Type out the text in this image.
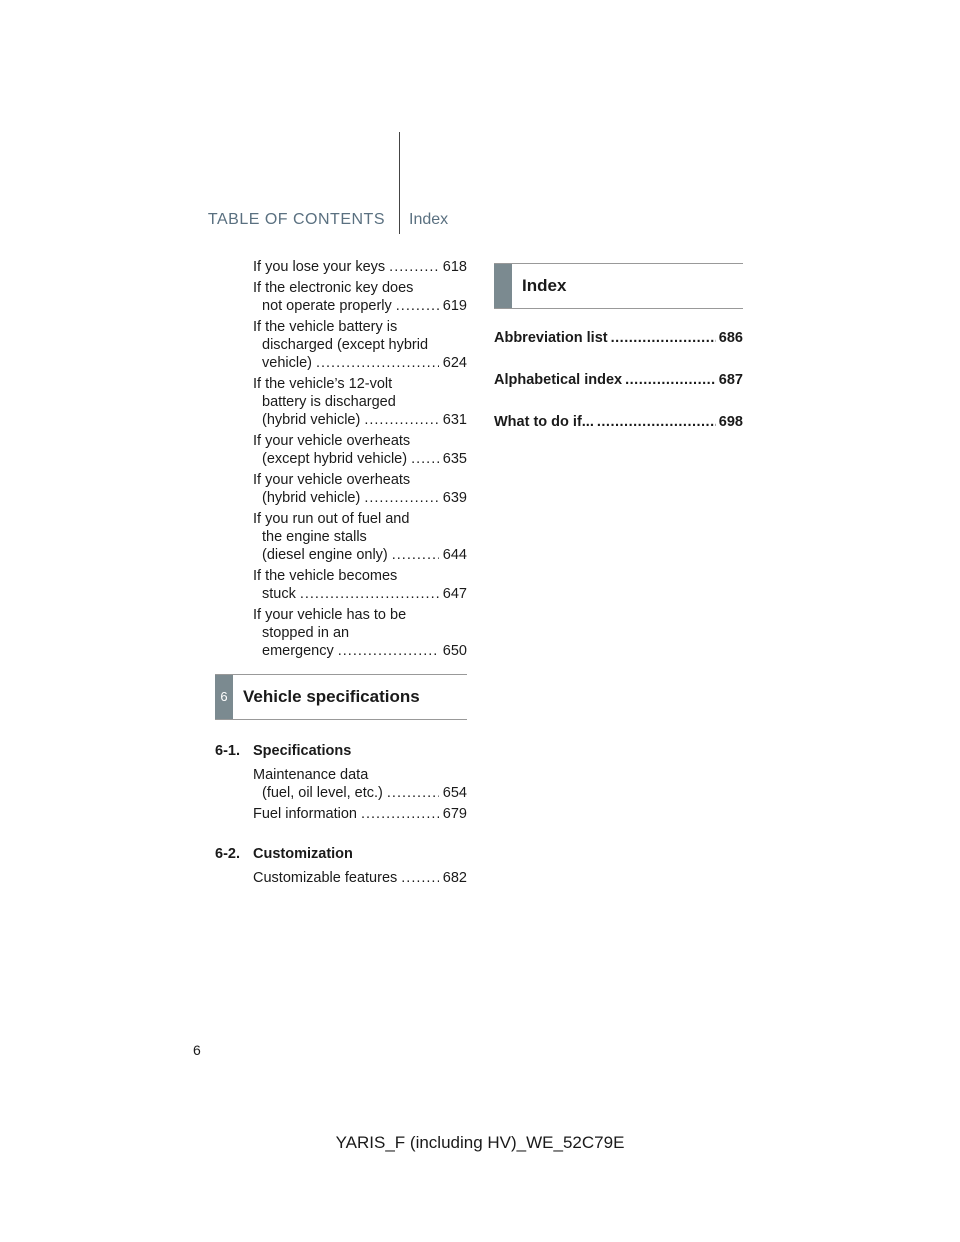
TABLE OF CONTENTS Index
If you lose your keys .....	618
If the electronic key does
not operate properly .....	619
If the vehicle battery is
discharged (except hybrid
vehicle) .....	624
If the vehicle’s 12-volt
battery is discharged
(hybrid vehicle) .....	631
If your vehicle overheats
(except hybrid vehicle) ..... 635
If your vehicle overheats
(hybrid vehicle) .....	639
If you run out of fuel and
the engine stalls
(diesel engine only) .....	644
If the vehicle becomes
stuck .....	647
If your vehicle has to be
stopped in an
emergency .....	650
6 Vehicle specifications
6-1. Specifications
Maintenance data
(fuel, oil level, etc.) .....	654
Fuel information .....	679
6-2. Customization
Customizable features .....	682
Index
Abbreviation list .....	686
Alphabetical index .....	687
What to do if... .....	698
6
YARIS_F (including HV)_WE_52C79E
